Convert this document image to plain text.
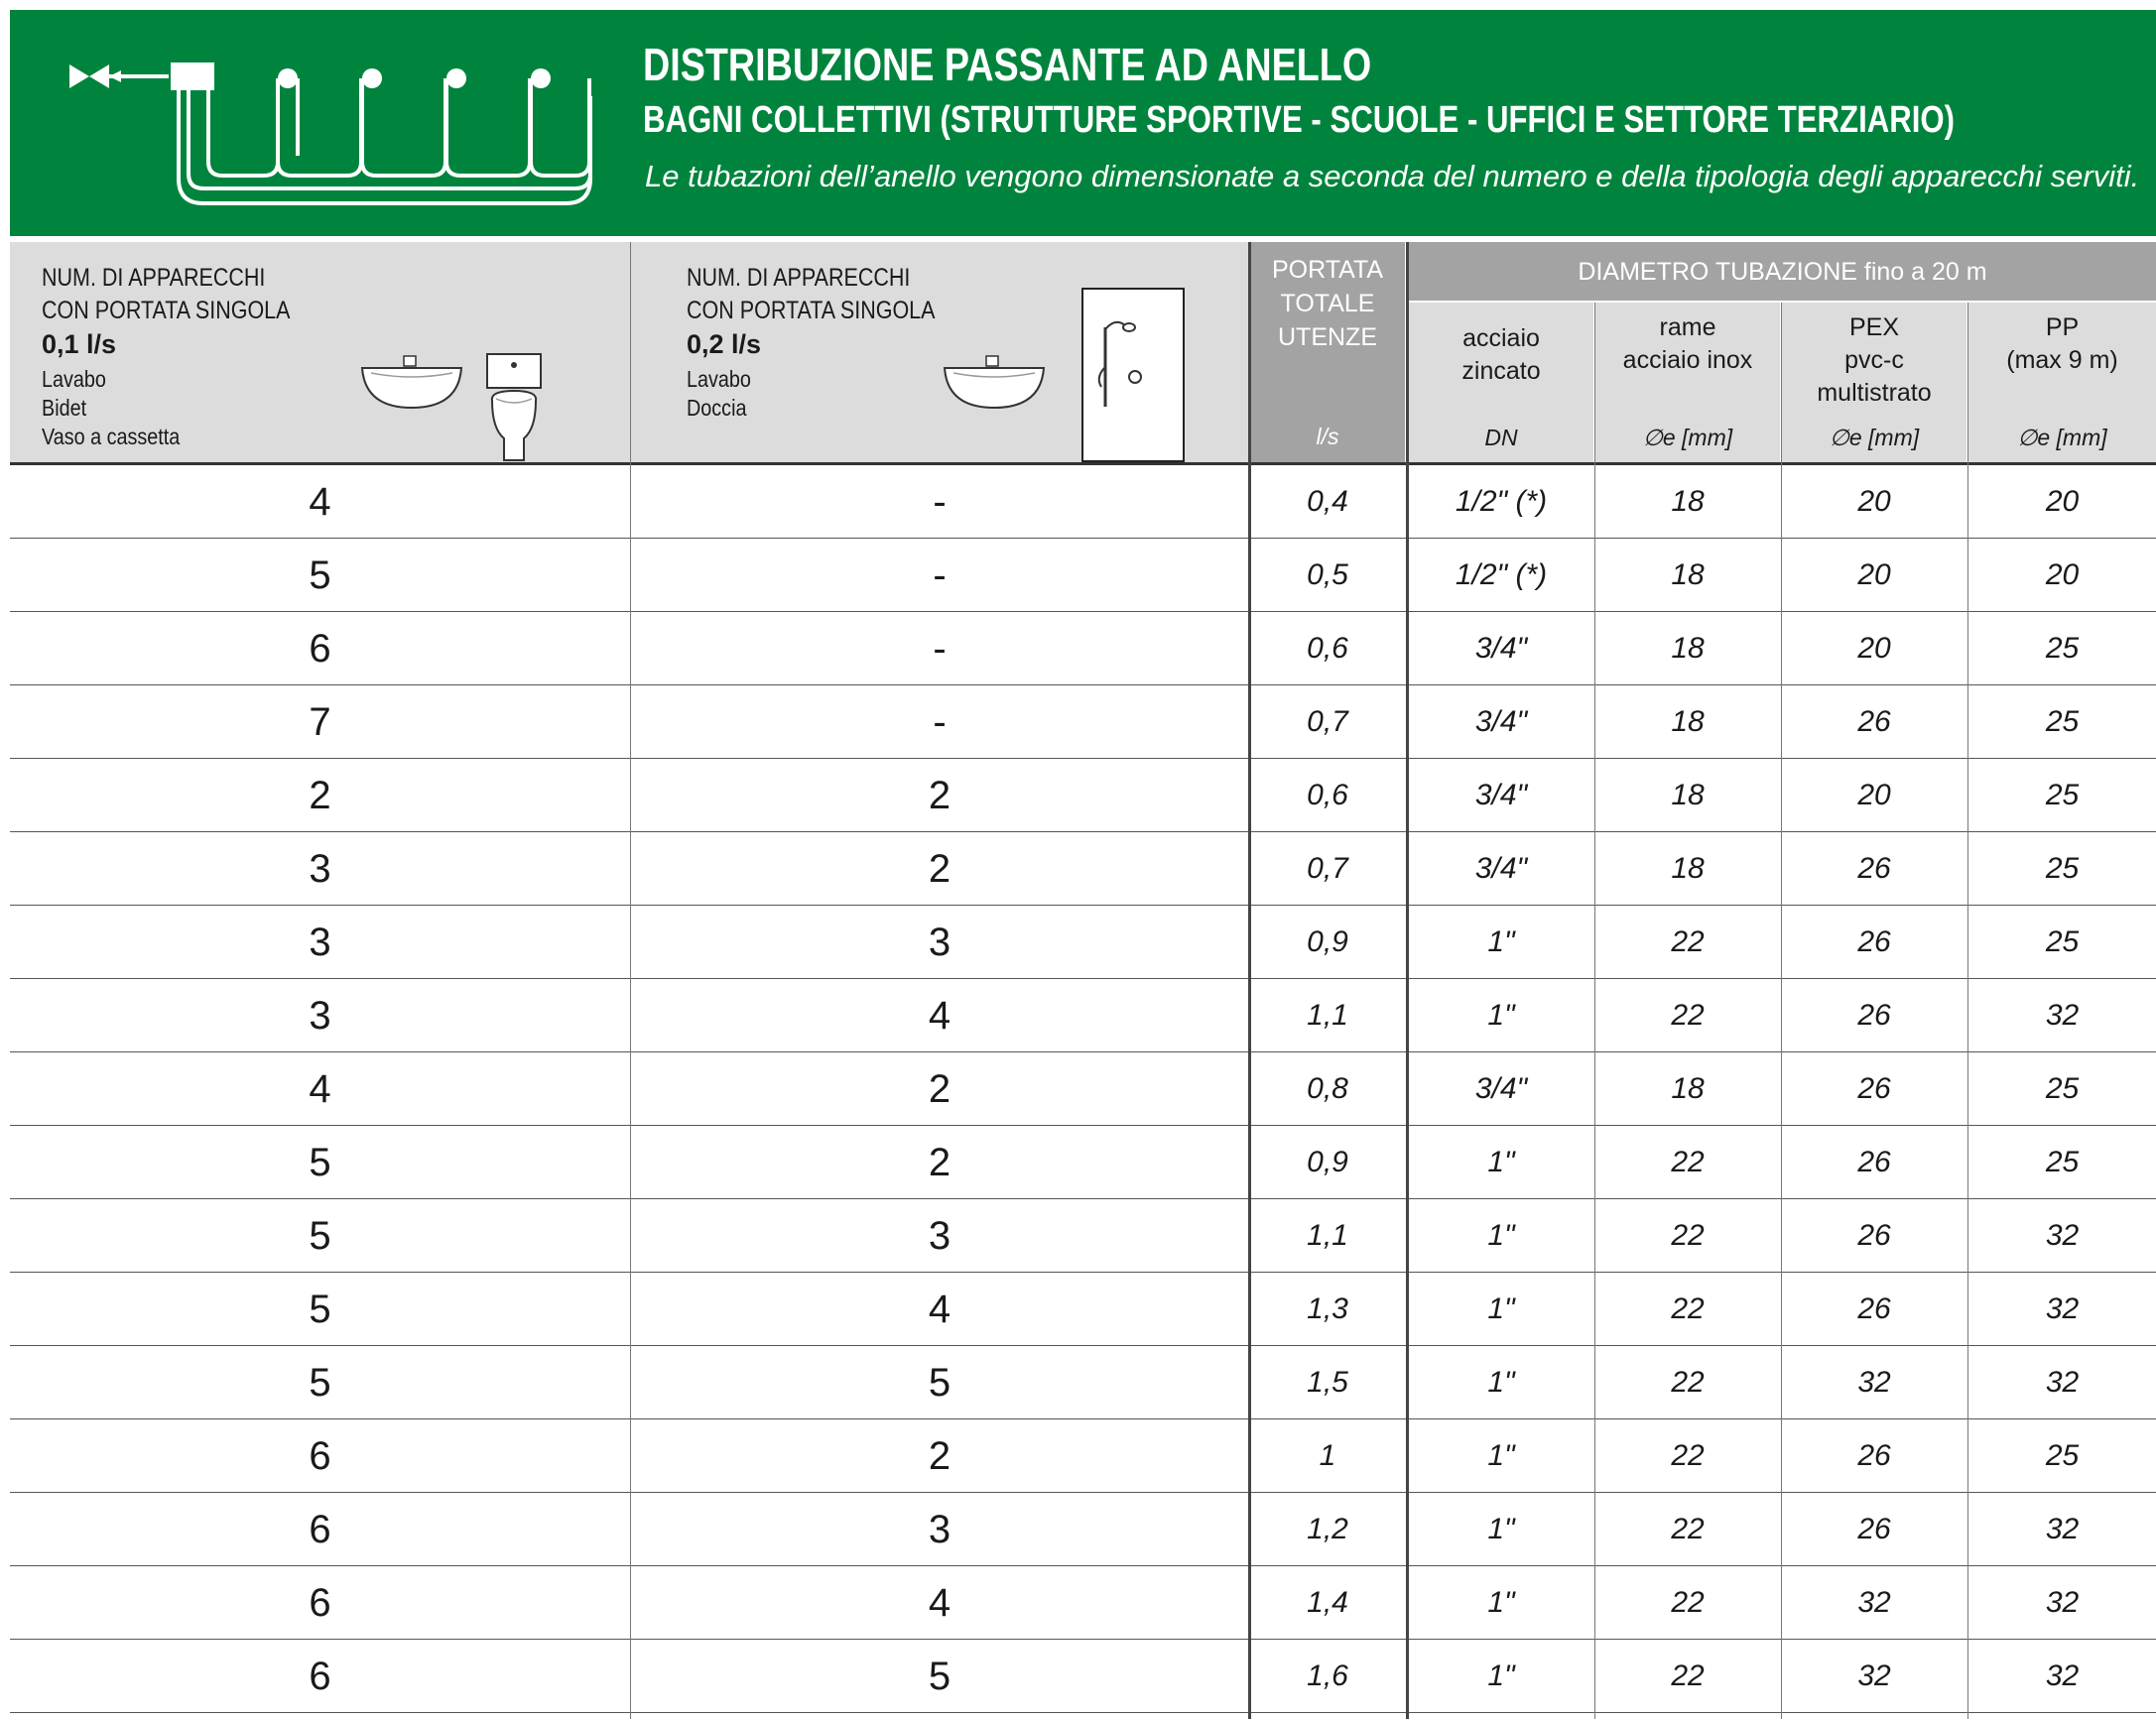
DISTRIBUZIONE PASSANTE AD ANELLO
BAGNI COLLETTIVI (STRUTTURE SPORTIVE - SCUOLE - UFFICI E SETTORE TERZIARIO)
Le tubazioni dell’anello vengono dimensionate a seconda del numero e della tipologia degli apparecchi serviti.
NUM. DI APPARECCHI
CON PORTATA SINGOLA
0,1 l/s
Lavabo
Bidet
Vaso a cassetta
NUM. DI APPARECCHI
CON PORTATA SINGOLA
0,2 l/s
Lavabo
Doccia
PORTATA
TOTALE
UTENZE
l/s
DIAMETRO TUBAZIONE fino a 20 m
acciaio
zincato
DN
rame
acciaio inox
∅e [mm]
PEX
pvc-c
multistrato
∅e [mm]
PP
(max 9 m)
∅e [mm]
4	-	0,4	1/2" (*)	18	20	20
5	-	0,5	1/2" (*)	18	20	20
6	-	0,6	3/4"	18	20	25
7	-	0,7	3/4"	18	26	25
2	2	0,6	3/4"	18	20	25
3	2	0,7	3/4"	18	26	25
3	3	0,9	1"	22	26	25
3	4	1,1	1"	22	26	32
4	2	0,8	3/4"	18	26	25
5	2	0,9	1"	22	26	25
5	3	1,1	1"	22	26	32
5	4	1,3	1"	22	26	32
5	5	1,5	1"	22	32	32
6	2	1	1"	22	26	25
6	3	1,2	1"	22	26	32
6	4	1,4	1"	22	32	32
6	5	1,6	1"	22	32	32
